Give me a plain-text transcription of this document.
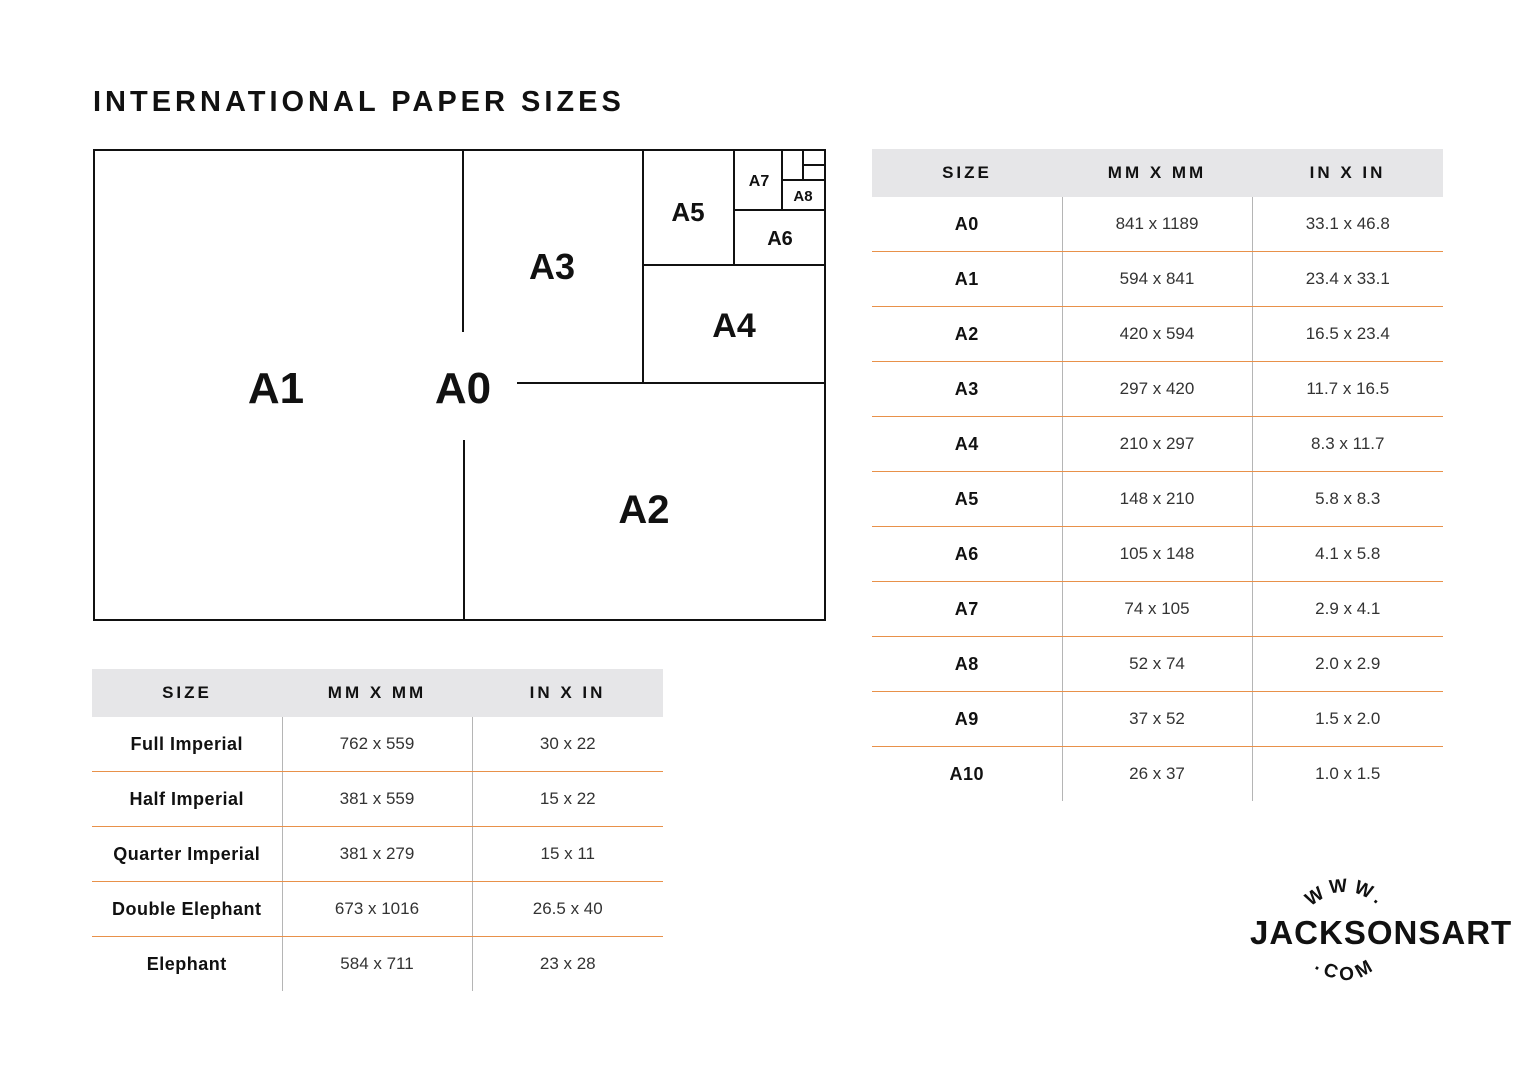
INTERNATIONAL PAPER SIZES
A1	A0
A2
A3
A4
A5
A6
A7
A8
SIZE	MM X MM	IN X IN
A0	841 x 1189	33.1 x 46.8
A1	594 x 841	23.4 x 33.1
A2	420 x 594	16.5 x 23.4
A3	297 x 420	11.7 x 16.5
A4	210 x 297	8.3 x 11.7
A5	148 x 210	5.8 x 8.3
A6	105 x 148	4.1 x 5.8
A7	74 x 105	2.9 x 4.1
A8	52 x 74	2.0 x 2.9
A9	37 x 52	1.5 x 2.0
A10	26 x 37	1.0 x 1.5
SIZE	MM X MM	IN X IN
Full Imperial	762 x 559	30 x 22
Half Imperial	381 x 559	15 x 22
Quarter Imperial	381 x 279	15 x 11
Double Elephant	673 x 1016	26.5 x 40
Elephant	584 x 711	23 x 28
WWW.
.COM
JACKSONSART
